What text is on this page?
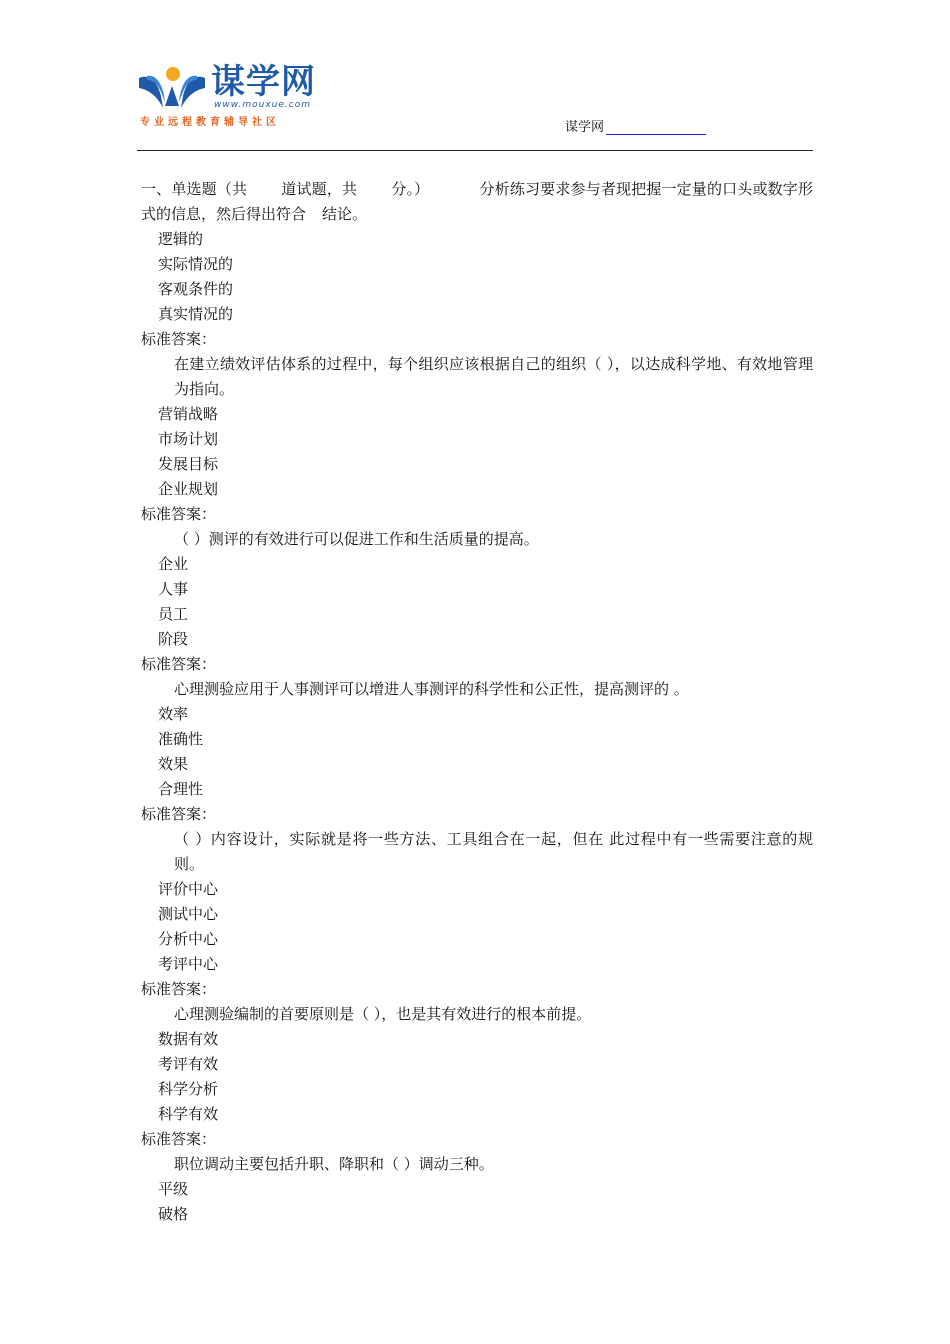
谋学网
www.mouxue.com
专业远程教育辅导社区	谋学网
一、单选题（共 道试题，共 分。）	分析练习要求参与者现把握一定量的口头或数字形式的信息，然后得出符合 结论。
逻辑的
实际情况的
客观条件的
真实情况的
标准答案：
在建立绩效评估体系的过程中，每个组织应该根据自己的组织（ ），以达成科学地、有效地管理为指向。
营销战略
市场计划
发展目标
企业规划
标准答案：
（ ）测评的有效进行可以促进工作和生活质量的提高。
企业
人事
员工
阶段
标准答案：
心理测验应用于人事测评可以增进人事测评的科学性和公正性，提高测评的 。
效率
准确性
效果
合理性
标准答案：
（ ）内容设计，实际就是将一些方法、工具组合在一起，但在 此过程中有一些需要注意的规则。
评价中心
测试中心
分析中心
考评中心
标准答案：
心理测验编制的首要原则是（ ），也是其有效进行的根本前提。
数据有效
考评有效
科学分析
科学有效
标准答案：
职位调动主要包括升职、降职和（ ）调动三种。
平级
破格
